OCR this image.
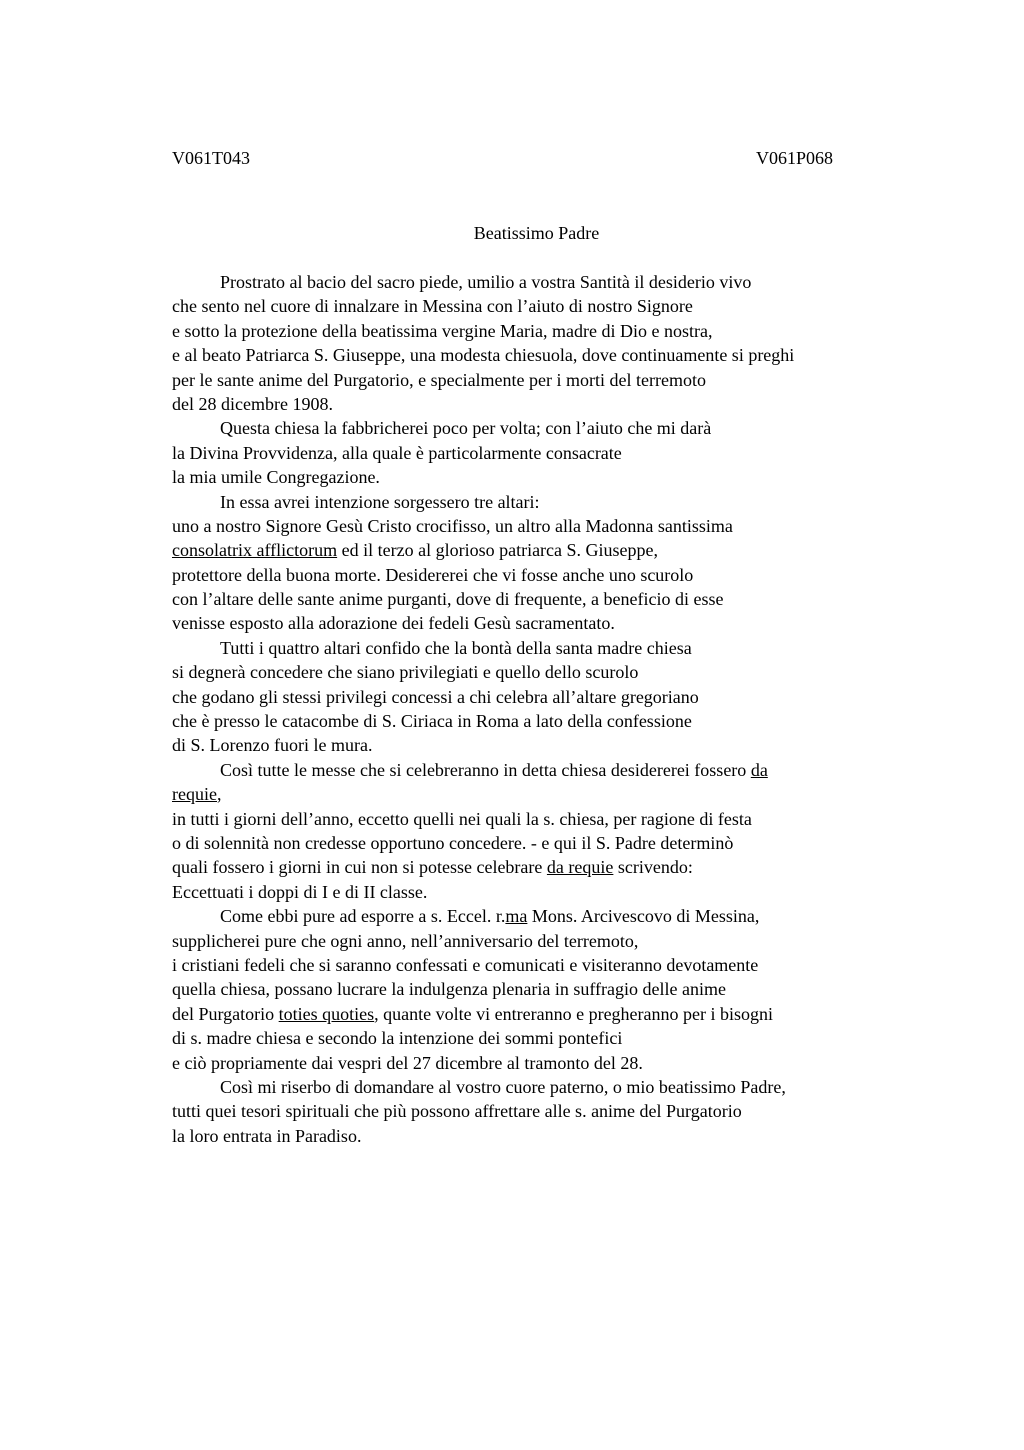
V061T043	V061P068
Beatissimo Padre
Prostrato al bacio del sacro piede, umilio a vostra Santità il desiderio vivo
che sento nel cuore di innalzare in Messina con l’aiuto di nostro Signore
e sotto la protezione della beatissima vergine Maria, madre di Dio e nostra,
e al beato Patriarca S. Giuseppe, una modesta chiesuola, dove continuamente si preghi
per le sante anime del Purgatorio, e specialmente per i morti del terremoto
del 28 dicembre 1908.
Questa chiesa la fabbricherei poco per volta; con l’aiuto che mi darà
la Divina Provvidenza, alla quale è particolarmente consacrate
la mia umile Congregazione.
In essa avrei intenzione sorgessero tre altari:
uno a nostro Signore Gesù Cristo crocifisso, un altro alla Madonna santissima
consolatrix afflictorum ed il terzo al glorioso patriarca S. Giuseppe,
protettore della buona morte. Desidererei che vi fosse anche uno scurolo
con l’altare delle sante anime purganti, dove di frequente, a beneficio di esse
venisse esposto alla adorazione dei fedeli Gesù sacramentato.
Tutti i quattro altari confido che la bontà della santa madre chiesa
si degnerà concedere che siano privilegiati e quello dello scurolo
che godano gli stessi privilegi concessi a chi celebra all’altare gregoriano
che è presso le catacombe di S. Ciriaca in Roma a lato della confessione
di S. Lorenzo fuori le mura.
Così tutte le messe che si celebreranno in detta chiesa desidererei fossero da
requie,
in tutti i giorni dell’anno, eccetto quelli nei quali la s. chiesa, per ragione di festa
o di solennità non credesse opportuno concedere. - e qui il S. Padre determinò
quali fossero i giorni in cui non si potesse celebrare da requie scrivendo:
Eccettuati i doppi di I e di II classe.
Come ebbi pure ad esporre a s. Eccel. r.ma Mons. Arcivescovo di Messina,
supplicherei pure che ogni anno, nell’anniversario del terremoto,
i cristiani fedeli che si saranno confessati e comunicati e visiteranno devotamente
quella chiesa, possano lucrare la indulgenza plenaria in suffragio delle anime
del Purgatorio toties quoties, quante volte vi entreranno e pregheranno per i bisogni
di s. madre chiesa e secondo la intenzione dei sommi pontefici
e ciò propriamente dai vespri del 27 dicembre al tramonto del 28.
Così mi riserbo di domandare al vostro cuore paterno, o mio beatissimo Padre,
tutti quei tesori spirituali che più possono affrettare alle s. anime del Purgatorio
la loro entrata in Paradiso.
